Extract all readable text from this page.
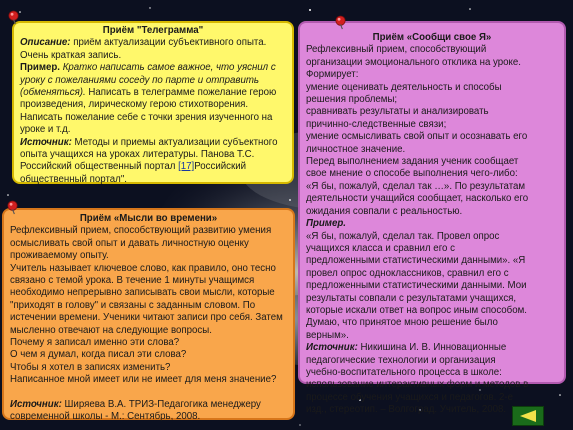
Приём "Телеграмма"

Описание: приём актуализации субъективного опыта.

Очень краткая запись.

Пример. Кратко написать самое важное, что уяснил с

уроку с пожеланиями соседу по парте и отправить

(обменяться). Написать в телеграмме пожелание герою

произведения, лирическому герою стихотворения.

Написать пожелание себе с точки зрения изученного на

уроке и т.д.

Источник: Методы и приемы актуализации субъектного

опыта учащихся на уроках литературы. Панова Т.С.

Российский общественный портал [17]Российский

общественный портал".

Приём «Мысли во времени»

Рефлексивный прием, способствующий развитию умения

осмысливать свой опыт и давать личностную оценку

проживаемому опыту.

Учитель называет ключевое слово, как правило, оно тесно

связано с темой урока. В течение 1 минуты учащимся

необходимо непрерывно записывать свои мысли, которые

"приходят в голову" и связаны с заданным словом. По

истечении времени. Ученики читают записи про себя. Затем

мысленно отвечают на следующие вопросы.

Почему я записал именно эти слова?

О чем я думал, когда писал эти слова?

Чтобы я хотел в записях изменить?

Написанное мной имеет или не имеет для меня значение?

Источник: Ширяева В.А. ТРИЗ-Педагогика менеджеру

современной школы - М.: Сентябрь, 2008.

Приём «Сообщи свое Я»

Рефлексивный прием, способствующий

организации эмоционального отклика на уроке.

Формирует:

умение оценивать деятельность и способы

решения проблемы;

сравнивать результаты и анализировать

причинно-следственные связи;

умение осмысливать свой опыт и осознавать его

личностное значение.

Перед выполнением задания ученик сообщает

свое мнение о способе выполнения чего-либо:

«Я бы, пожалуй, сделал так …». По результатам

деятельности учащийся сообщает, насколько его

ожидания совпали с реальностью.

Пример.

«Я бы, пожалуй, сделал так. Провел опрос

учащихся класса и сравнил его с

предложенными статистическими данными». «Я

провел опрос одноклассников, сравнил его с

предложенными статистическими данными. Мои

результаты совпали с результатами учащихся,

которые искали ответ на вопрос иным способом.

Думаю, что принятое мною решение было

верным».

Источник: Никишина И. В. Инновационные

педагогические технологии и организация

учебно-воспитательного процесса в школе:

использование интерактивных форм и методов в

процессе обучения учащихся и педагогов. 2-е

изд., стереотип. – Волгоград. Учитель, 2008.
